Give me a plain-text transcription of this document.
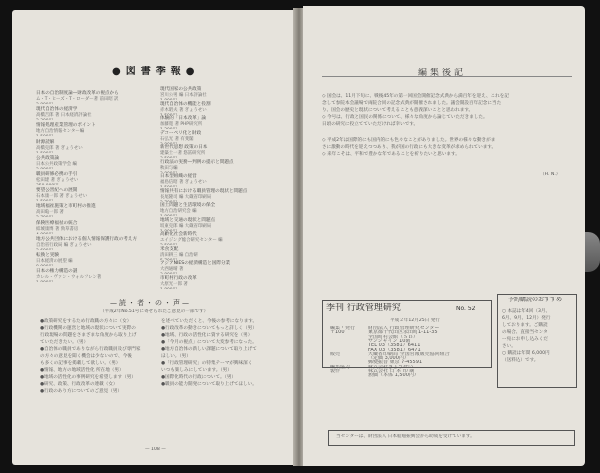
●図書季報●
日本の自治制度論—財政改革の視点から
ム・T・ヒーズ・T・ローダー著 前田昭 訳
現代自治体の経済学
高橋吉郎 著 日本経済評論社
情報処理産業管理のポイント
地方自治情報センター編
財源読解
高橋克郎 著 ぎょうせい
公共政策論
日本公共政策学会 編
職員研修必携の手引
松田建 著 ぎょうせい
要望公害紀への展開
石本康一郎 著 ぎょうせい
地域福祉施策と市町村の推進
高田亀一郎 著
保険医療福祉の統合
結城康博 著 勁草書房
地方公共団体における個人情報保護行政の考え方
自治省行政局 編 ぎょうせい
転換と実験
日本経済の展望 編
日本の権力構造の謎
カレル・ヴァン・ウォルフレン著
現代国家の公共政策
宮川公男 編 日本評論社
現代自治体の機能と役割
赤木昭夫 著 ぎょうせい
体験的「日本改革」論
加藤寛 著 PHP研究所
デコーペリ化と財政
石弘光 著 有斐閣
新世代思想 政策の日本
建築士一著 悠冨研究所
行政法の実務—判例の提示と問題点
秋田与編
日本型組織の経営
福島信昭 著 ぎょうせい
情報共有における職員管理の現状と問題点
長尾隆司 編 大蔵省印刷局
国土問題と生活環境の保全
地方自治研究会 編
地域と交通の現状と問題点
坂東克郎 編 大蔵省印刷局
高齢化社会新時代
エイジング総合研究センター 編
米食支配
清田耕三 編 自治研
アジアNIESの経済構造と国際分業
大西通晴 著
市町村行政の改革
大原光一郎 著
—読・者・の・声—
（平成2年No.51号に寄せられたご意見の一部です）

●政策研究をするため行政職の方々に（女）

●行政機関の運営と地域の現状について実際の

行政現場の問題をさまざまな角度から取り上げ

ていただきたい。（男）

●自治体の職員でありながら行政職員及び専門家

の方々の意見を聞く機会は少ないので、今後

も多くの記事を掲載して欲しい。（男）

●情報、地方の地域活性化 所在地（男）

●地域の活性化の事例研究を希望します（男）

●研究、政策、行政改革の連載（女）

●行政のあり方についてのご意見（男）

を述べていただくと、今後の参考になります。

●行政改革の動きについてもっと詳しく（男）

●地域、行政の活性化に資する研究を（男）

●「今月の視点」について大変参考になった。

●地方自治体の新しい課題について取り上げて

ほしい。（男）

●「行政管理研究」の特集テーマが興味深く

いつも楽しみにしています。（男）

●国際化時代の行政について。（男）

●職員の能力開発について取り上げてほしい。

— 108 —
編集後記

◇ 国会は、11月下旬に、戦後45年の第一回国会開催記念式典から満百年を迎え、これを記

念して参院本会議場で両院合同の記念式典が開催されました。議会開設百年記念に当た

り、国会の歴史と現状について考えることも意義深いことと思われます。

◇ 今号は、行政と国民の関係について、様々な角度から論じていただきました。

日頃の研究に役立てていただければ幸いです。

◇ 平成2年は国際的にも国内的にも色々なことがありました。世界の様々な動きがま

さに激動の時代を迎えつつあり、我が国の行政にも大きな変革が求められています。

◇ 来年こそは、平和で豊かな年であることを祈りたいと思います。

（H. N.）
季刊 行政管理研究	No. 52
平成２年12月25日 発行
編集・発行	財団法人 行政管理研究センター
〒100	東京都千代田区永田町1-11-35
全国町村会館（ＳＢ）
サンシャイン 10階
TEL 03（3581）6411
FAX 03（3581）6471
販売	大蔵省印刷局 全国官報販売協同組合
（定価 3,000円）
郵便振替 東京 7-45591
編集協力	株式会社ぎょうせい
製作	株式会社 日 本 印 刷
頒価（本体 1,500円）
予約購読のおすすめ

○ 本誌は年4回（3月、

6月、9月、12月）発行

しております。ご購読

の場合、直接当センタ

ー宛にお申し込みくだ

さい。

○ 購読は年間 6,000円

（送料込）です。

当センターは、財団法人 日本船舶振興会から助成を受けています。
